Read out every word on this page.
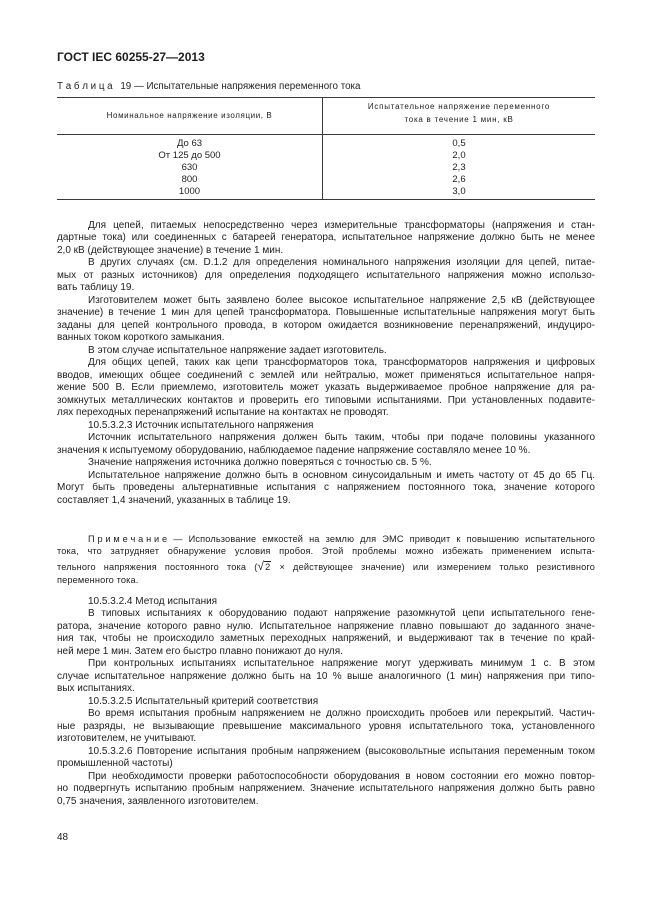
ГОСТ IEC 60255-27—2013
Т а б л и ц а 19 — Испытательные напряжения переменного тока
Номинальное напряжение изоляции, В
Испытательное напряжение переменного
тока в течение 1 мин, кВ
До 63
От 125 до 500
630
800
1000
0,5
2,0
2,3
2,6
3,0
Для цепей, питаемых непосредственно через измерительные трансформаторы (напряжения и стан-
дартные тока) или соединенных с батареей генератора, испытательное напряжение должно быть не менее
2,0 кВ (действующее значение) в течение 1 мин.
В других случаях (см. D.1.2 для определения номинального напряжения изоляции для цепей, питае-
мых от разных источников) для определения подходящего испытательного напряжения можно использо-
вать таблицу 19.
Изготовителем может быть заявлено более высокое испытательное напряжение 2,5 кВ (действующее
значение) в течение 1 мин для цепей трансформатора. Повышенные испытательные напряжения могут быть
заданы для цепей контрольного провода, в котором ожидается возникновение перенапряжений, индуциро-
ванных током короткого замыкания.
В этом случае испытательное напряжение задает изготовитель.
Для общих цепей, таких как цепи трансформаторов тока, трансформаторов напряжения и цифровых
вводов, имеющих общее соединений с землей или нейтралью, может применяться испытательное напря-
жение 500 В. Если приемлемо, изготовитель может указать выдерживаемое пробное напряжение для ра-
зомкнутых металлических контактов и проверить его типовыми испытаниями. При установленных подавите-
лях переходных перенапряжений испытание на контактах не проводят.
10.5.3.2.3 Источник испытательного напряжения
Источник испытательного напряжения должен быть таким, чтобы при подаче половины указанного
значения к испытуемому оборудованию, наблюдаемое падение напряжение составляло менее 10 %.
Значение напряжения источника должно поверяться с точностью св. 5 %.
Испытательное напряжение должно быть в основном синусоидальным и иметь частоту от 45 до 65 Гц.
Могут быть проведены альтернативные испытания с напряжением постоянного тока, значение которого
составляет 1,4 значений, указанных в таблице 19.
П р и м е ч а н и е — Использование емкостей на землю для ЭМС приводит к повышению испытательного
тока, что затрудняет обнаружение условия пробоя. Этой проблемы можно избежать применением испыта-
тельного напряжения постоянного тока (√2 × действующее значение) или измерением только резистивного
переменного тока.
10.5.3.2.4 Метод испытания
В типовых испытаниях к оборудованию подают напряжение разомкнутой цепи испытательного гене-
ратора, значение которого равно нулю. Испытательное напряжение плавно повышают до заданного значе-
ния так, чтобы не происходило заметных переходных напряжений, и выдерживают так в течение по край-
ней мере 1 мин. Затем его быстро плавно понижают до нуля.
При контрольных испытаниях испытательное напряжение могут удерживать минимум 1 с. В этом
случае испытательное напряжение должно быть на 10 % выше аналогичного (1 мин) напряжения при типо-
вых испытаниях.
10.5.3.2.5 Испытательный критерий соответствия
Во время испытания пробным напряжением не должно происходить пробоев или перекрытий. Частич-
ные разряды, не вызывающие превышение максимального уровня испытательного тока, установленного
изготовителем, не учитывают.
10.5.3.2.6 Повторение испытания пробным напряжением (высоковольтные испытания переменным током
промышленной частоты)
При необходимости проверки работоспособности оборудования в новом состоянии его можно повтор-
но подвергнуть испытанию пробным напряжением. Значение испытательного напряжения должно быть равно
0,75 значения, заявленного изготовителем.
48
